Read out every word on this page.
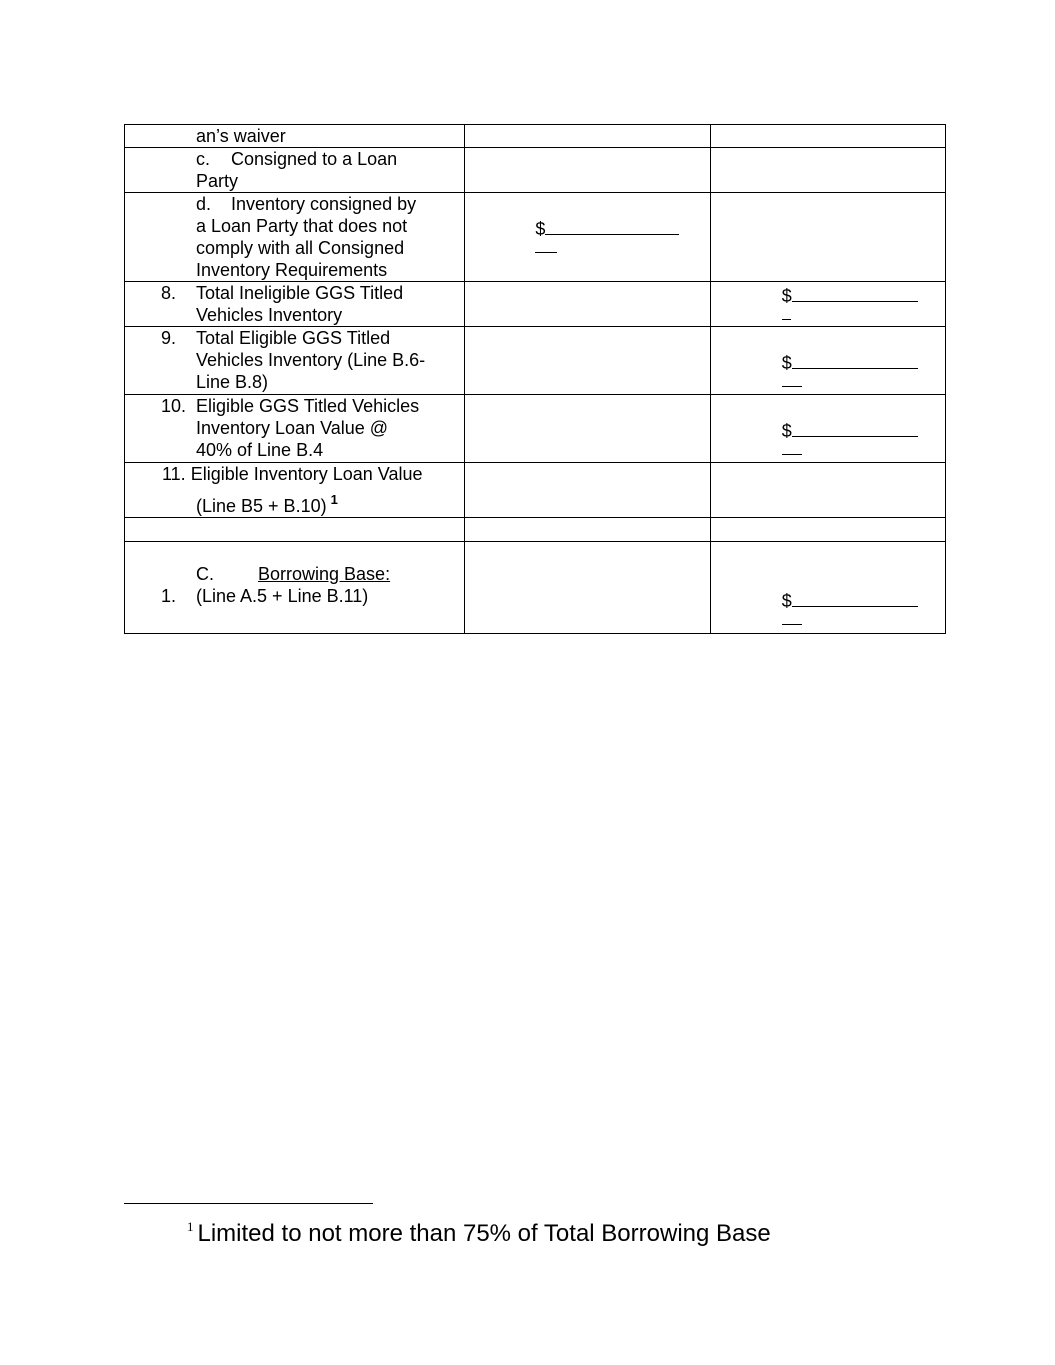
an’s waiver		

c. Consigned to a Loan
Party		

d. Inventory consigned by
a Loan Party that does not
comply with all Consigned
Inventory Requirements	$	

8. Total Ineligible GGS Titled
Vehicles Inventory		$

9. Total Eligible GGS Titled
Vehicles Inventory (Line B.6-
Line B.8)		$

10. Eligible GGS Titled Vehicles
Inventory Loan Value @
40% of Line B.4		$

11. Eligible Inventory Loan Value
(Line B5 + B.10) $^1$

C. Borrowing Base:
1. (Line A.5 + Line B.11)		$
$^1$ Limited to not more than 75% of Total Borrowing Base
